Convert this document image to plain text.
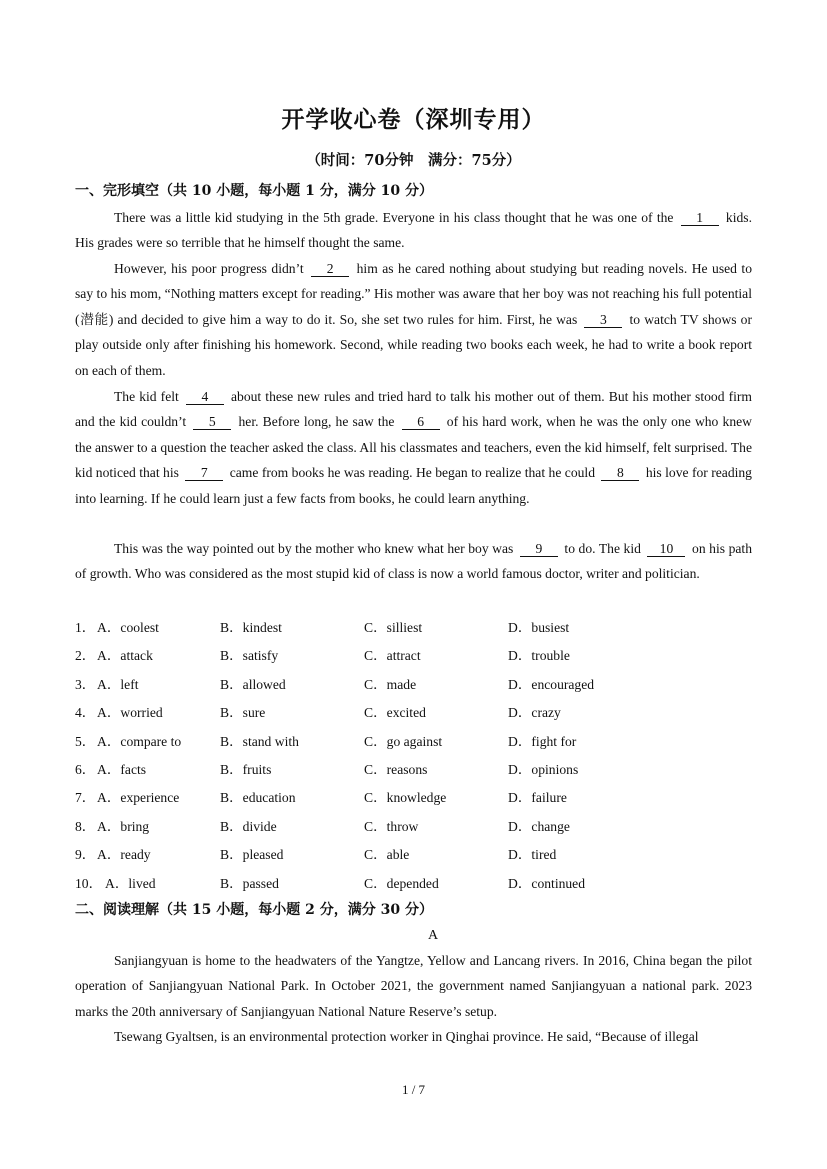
开学收心卷（深圳专用）
（时间：70分钟　满分：75分）
一、完形填空（共 10 小题，每小题 1 分，满分 10 分）
There was a little kid studying in the 5th grade. Everyone in his class thought that he was one of the 1 kids. His grades were so terrible that he himself thought the same.
However, his poor progress didn’t 2 him as he cared nothing about studying but reading novels. He used to say to his mom, “Nothing matters except for reading.” His mother was aware that her boy was not reaching his full potential (潜能) and decided to give him a way to do it. So, she set two rules for him. First, he was 3 to watch TV shows or play outside only after finishing his homework. Second, while reading two books each week, he had to write a book report on each of them.
The kid felt 4 about these new rules and tried hard to talk his mother out of them. But his mother stood firm and the kid couldn’t 5 her. Before long, he saw the 6 of his hard work, when he was the only one who knew the answer to a question the teacher asked the class. All his classmates and teachers, even the kid himself, felt surprised. The kid noticed that his 7 came from books he was reading. He began to realize that he could 8 his love for reading into learning. If he could learn just a few facts from books, he could learn anything.
This was the way pointed out by the mother who knew what her boy was 9 to do. The kid 10 on his path of growth. Who was considered as the most stupid kid of class is now a world famous doctor, writer and politician.
1． A．coolest	B．kindest	C．silliest	D．busiest
2． A．attack	B．satisfy	C．attract	D．trouble
3． A．left	B．allowed	C．made	D．encouraged
4． A．worried	B．sure	C．excited	D．crazy
5． A．compare to	B．stand with	C．go against	D．fight for
6． A．facts	B．fruits	C．reasons	D．opinions
7． A．experience	B．education	C．knowledge	D．failure
8． A．bring	B．divide	C．throw	D．change
9． A．ready	B．pleased	C．able	D．tired
10． A．lived	B．passed	C．depended	D．continued
二、阅读理解（共 15 小题，每小题 2 分，满分 30 分）
A
Sanjiangyuan is home to the headwaters of the Yangtze, Yellow and Lancang rivers. In 2016, China began the pilot operation of Sanjiangyuan National Park. In October 2021, the government named Sanjiangyuan a national park. 2023 marks the 20th anniversary of Sanjiangyuan National Nature Reserve’s setup.
Tsewang Gyaltsen, is an environmental protection worker in Qinghai province. He said, “Because of illegal
1 / 7
